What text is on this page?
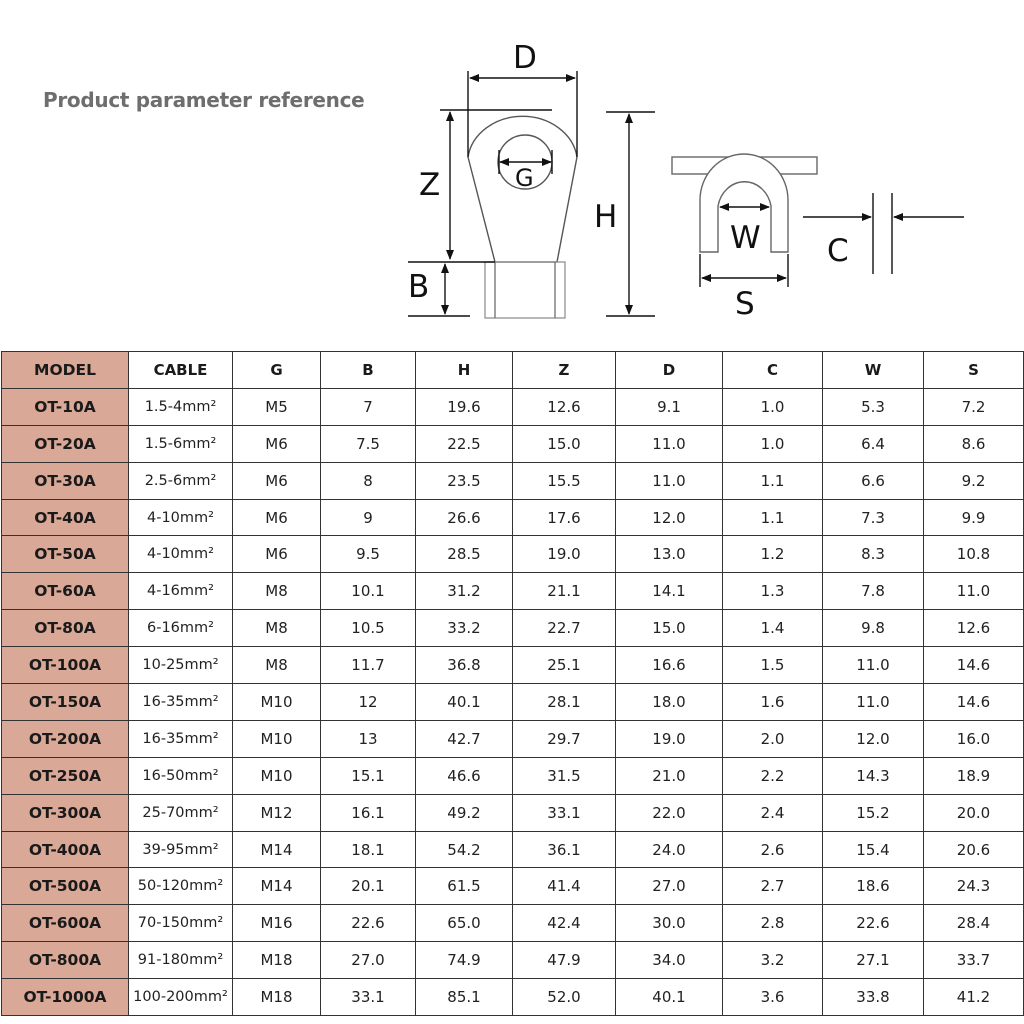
Product parameter reference
D
G
Z
H
B
W
S
C
MODEL	CABLE	G	B	H	Z	D	C	W	S
OT-10A	1.5-4mm²	M5	7	19.6	12.6	9.1	1.0	5.3	7.2
OT-20A	1.5-6mm²	M6	7.5	22.5	15.0	11.0	1.0	6.4	8.6
OT-30A	2.5-6mm²	M6	8	23.5	15.5	11.0	1.1	6.6	9.2
OT-40A	4-10mm²	M6	9	26.6	17.6	12.0	1.1	7.3	9.9
OT-50A	4-10mm²	M6	9.5	28.5	19.0	13.0	1.2	8.3	10.8
OT-60A	4-16mm²	M8	10.1	31.2	21.1	14.1	1.3	7.8	11.0
OT-80A	6-16mm²	M8	10.5	33.2	22.7	15.0	1.4	9.8	12.6
OT-100A	10-25mm²	M8	11.7	36.8	25.1	16.6	1.5	11.0	14.6
OT-150A	16-35mm²	M10	12	40.1	28.1	18.0	1.6	11.0	14.6
OT-200A	16-35mm²	M10	13	42.7	29.7	19.0	2.0	12.0	16.0
OT-250A	16-50mm²	M10	15.1	46.6	31.5	21.0	2.2	14.3	18.9
OT-300A	25-70mm²	M12	16.1	49.2	33.1	22.0	2.4	15.2	20.0
OT-400A	39-95mm²	M14	18.1	54.2	36.1	24.0	2.6	15.4	20.6
OT-500A	50-120mm²	M14	20.1	61.5	41.4	27.0	2.7	18.6	24.3
OT-600A	70-150mm²	M16	22.6	65.0	42.4	30.0	2.8	22.6	28.4
OT-800A	91-180mm²	M18	27.0	74.9	47.9	34.0	3.2	27.1	33.7
OT-1000A	100-200mm²	M18	33.1	85.1	52.0	40.1	3.6	33.8	41.2
